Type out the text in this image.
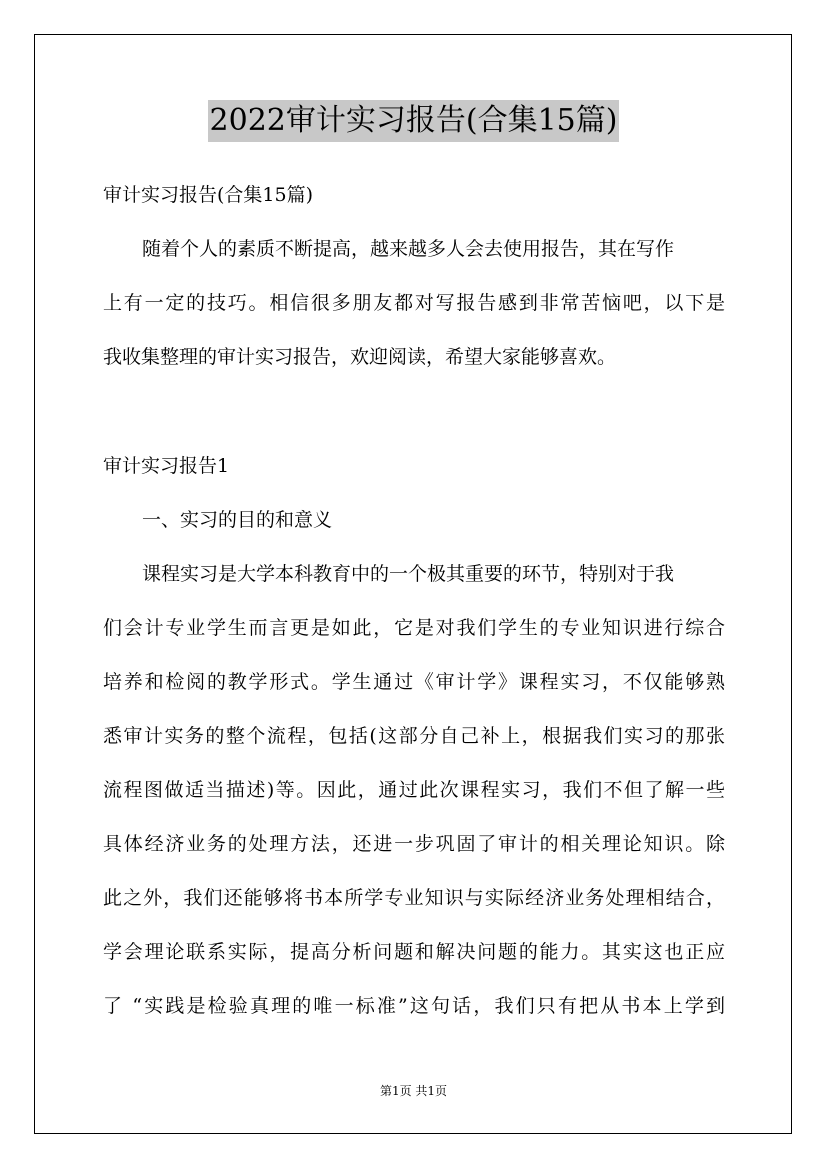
2022审计实习报告(合集15篇)
审计实习报告(合集15篇)
随着个人的素质不断提高，越来越多人会去使用报告，其在写作
上有一定的技巧。相信很多朋友都对写报告感到非常苦恼吧，以下是
我收集整理的审计实习报告，欢迎阅读，希望大家能够喜欢。
审计实习报告1
一、实习的目的和意义
课程实习是大学本科教育中的一个极其重要的环节，特别对于我
们会计专业学生而言更是如此，它是对我们学生的专业知识进行综合
培养和检阅的教学形式。学生通过《审计学》课程实习，不仅能够熟
悉审计实务的整个流程，包括(这部分自己补上，根据我们实习的那张
流程图做适当描述)等。因此，通过此次课程实习，我们不但了解一些
具体经济业务的处理方法，还进一步巩固了审计的相关理论知识。除
此之外，我们还能够将书本所学专业知识与实际经济业务处理相结合，
学会理论联系实际，提高分析问题和解决问题的能力。其实这也正应
了 “实践是检验真理的唯一标准”这句话，我们只有把从书本上学到
第1页 共1页
